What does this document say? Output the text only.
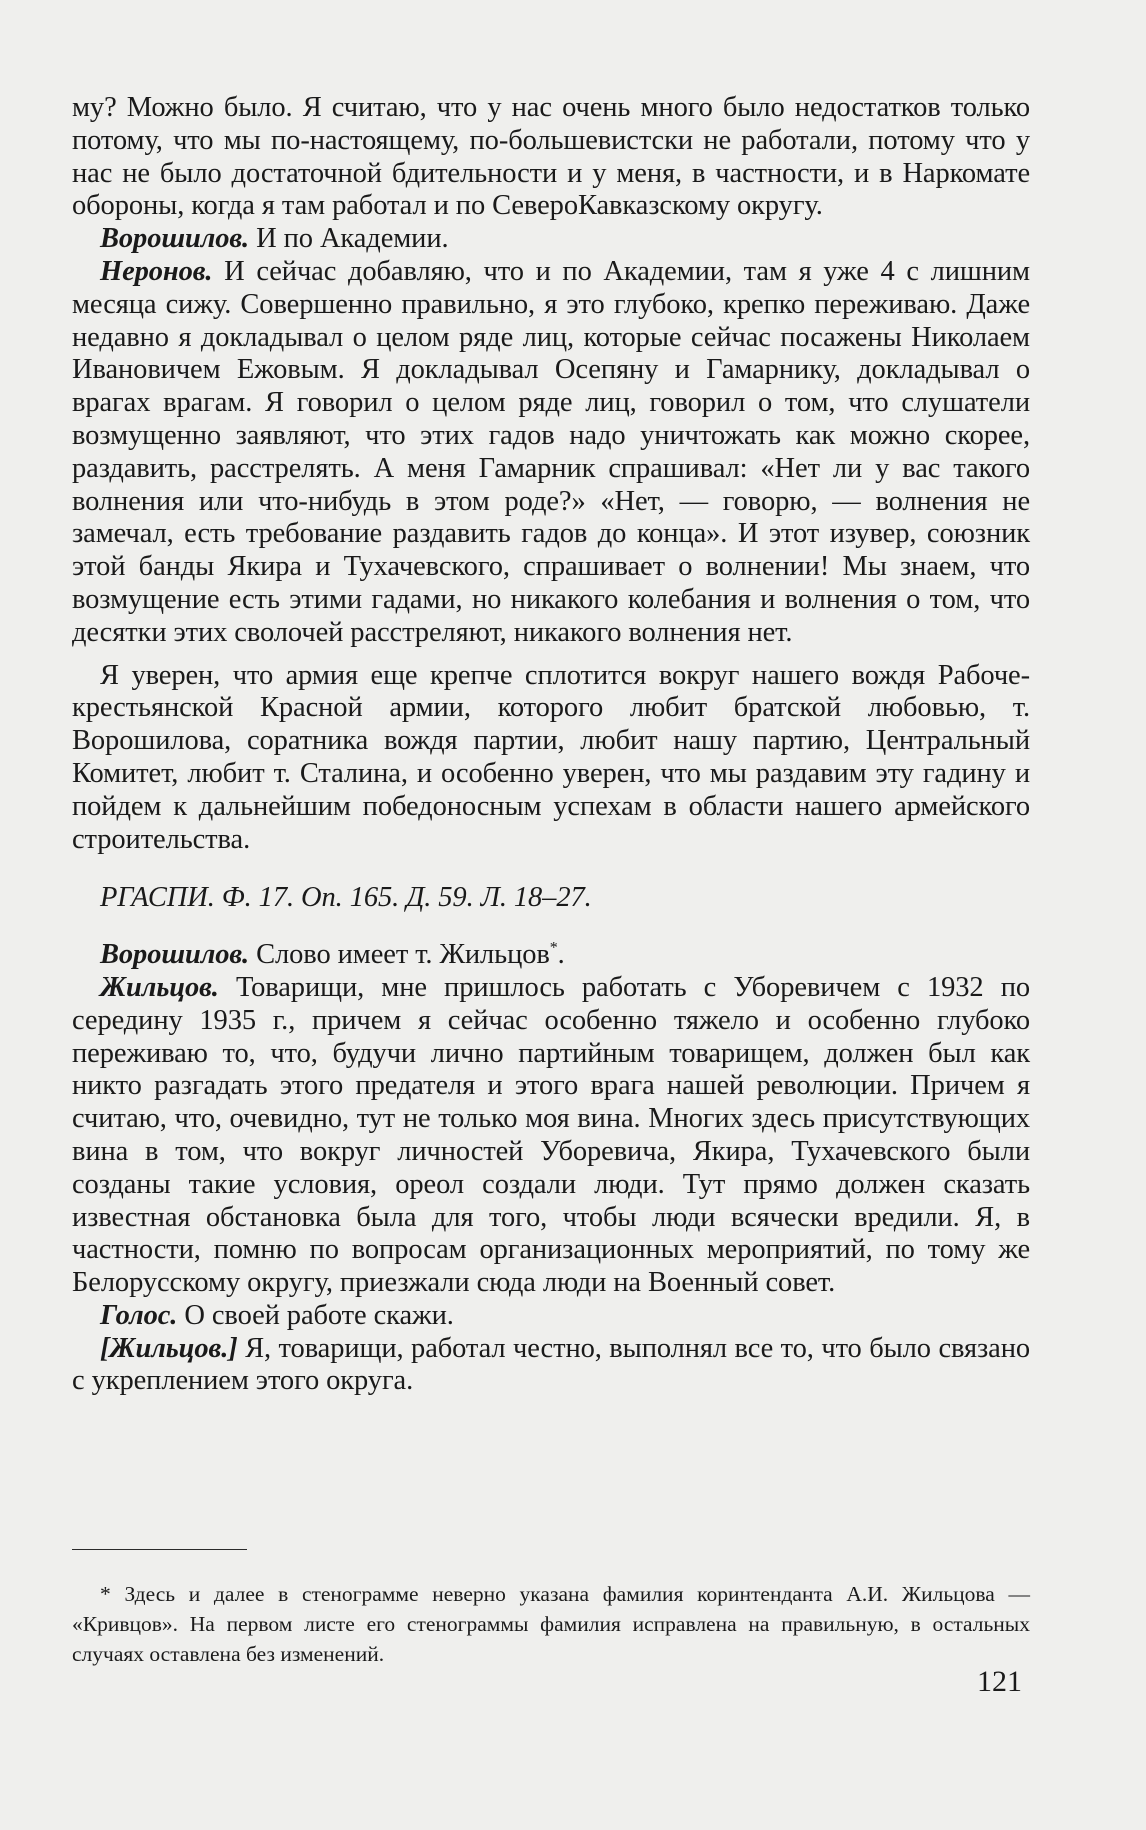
му? Можно было. Я считаю, что у нас очень много было недостатков только потому, что мы по-настоящему, по-большевистски не работали, потому что у нас не было достаточной бдительности и у меня, в частности, и в Наркомате обороны, когда я там работал и по СевероКавказскому округу.

Ворошилов. И по Академии.

Неронов. И сейчас добавляю, что и по Академии, там я уже 4 с лишним месяца сижу. Совершенно правильно, я это глубоко, крепко переживаю. Даже недавно я докладывал о целом ряде лиц, которые сейчас посажены Николаем Ивановичем Ежовым. Я докладывал Осепяну и Гамарнику, докладывал о врагах врагам. Я говорил о целом ряде лиц, говорил о том, что слушатели возмущенно заявляют, что этих гадов надо уничтожать как можно скорее, раздавить, расстрелять. А меня Гамарник спрашивал: «Нет ли у вас такого волнения или что-нибудь в этом роде?» «Нет, — говорю, — волнения не замечал, есть требование раздавить гадов до конца». И этот изувер, союзник этой банды Якира и Тухачевского, спрашивает о волнении! Мы знаем, что возмущение есть этими гадами, но никакого колебания и волнения о том, что десятки этих сволочей расстреляют, никакого волнения нет.

Я уверен, что армия еще крепче сплотится вокруг нашего вождя Рабоче-крестьянской Красной армии, которого любит братской любовью, т. Ворошилова, соратника вождя партии, любит нашу партию, Центральный Комитет, любит т. Сталина, и особенно уверен, что мы раздавим эту гадину и пойдем к дальнейшим победоносным успехам в области нашего армейского строительства.

РГАСПИ. Ф. 17. Оп. 165. Д. 59. Л. 18–27.

Ворошилов. Слово имеет т. Жильцов*.

Жильцов. Товарищи, мне пришлось работать с Уборевичем с 1932 по середину 1935 г., причем я сейчас особенно тяжело и особенно глубоко переживаю то, что, будучи лично партийным товарищем, должен был как никто разгадать этого предателя и этого врага нашей революции. Причем я считаю, что, очевидно, тут не только моя вина. Многих здесь присутствующих вина в том, что вокруг личностей Уборевича, Якира, Тухачевского были созданы такие условия, ореол создали люди. Тут прямо должен сказать известная обстановка была для того, чтобы люди всячески вредили. Я, в частности, помню по вопросам организационных мероприятий, по тому же Белорусскому округу, приезжали сюда люди на Военный совет.

Голос. О своей работе скажи.

[Жильцов.] Я, товарищи, работал честно, выполнял все то, что было связано с укреплением этого округа.

* Здесь и далее в стенограмме неверно указана фамилия коринтенданта А.И. Жильцова — «Кривцов». На первом листе его стенограммы фамилия исправлена на правильную, в остальных случаях оставлена без изменений.

121
